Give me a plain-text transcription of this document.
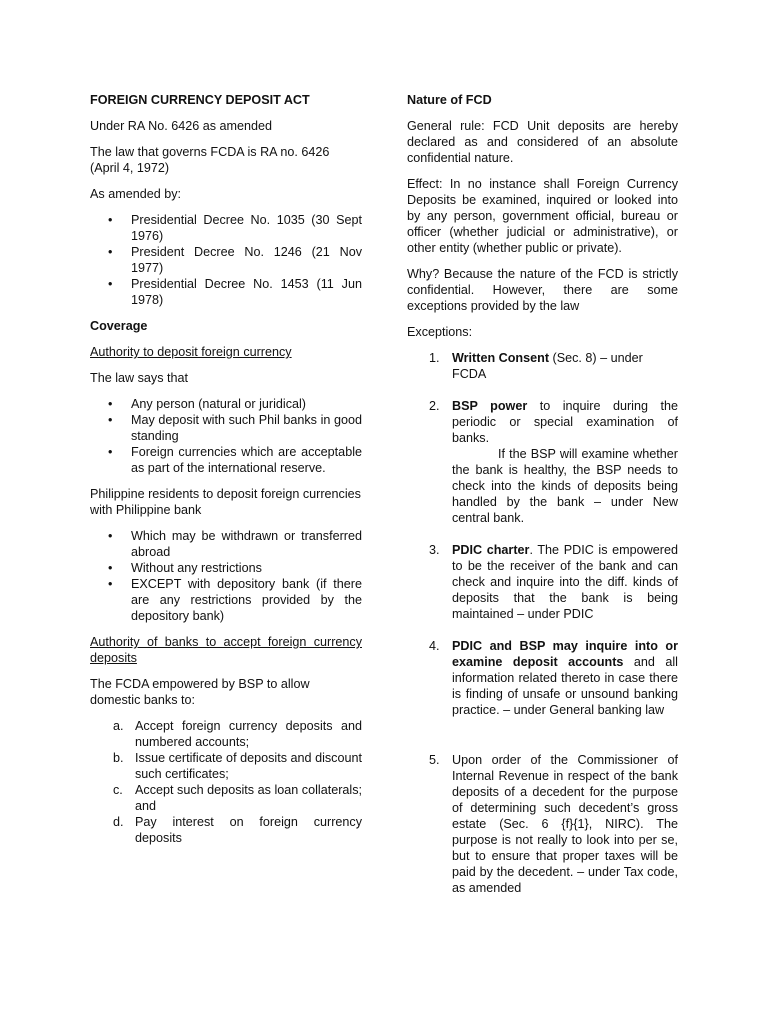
FOREIGN CURRENCY DEPOSIT ACT

Under RA No. 6426 as amended

The law that governs FCDA is RA no. 6426 (April 4, 1972)

As amended by:

• Presidential Decree No. 1035 (30 Sept 1976)
• President Decree No. 1246 (21 Nov 1977)
• Presidential Decree No. 1453 (11 Jun 1978)

Coverage

Authority to deposit foreign currency

The law says that

• Any person (natural or juridical)
• May deposit with such Phil banks in good standing
• Foreign currencies which are acceptable as part of the international reserve.

Philippine residents to deposit foreign currencies with Philippine bank

• Which may be withdrawn or transferred abroad
• Without any restrictions
• EXCEPT with depository bank (if there are any restrictions provided by the depository bank)

Authority of banks to accept foreign currency deposits

The FCDA empowered by BSP to allow domestic banks to:

a. Accept foreign currency deposits and numbered accounts;
b. Issue certificate of deposits and discount such certificates;
c. Accept such deposits as loan collaterals; and
d. Pay interest on foreign currency deposits

Nature of FCD

General rule: FCD Unit deposits are hereby declared as and considered of an absolute confidential nature.

Effect: In no instance shall Foreign Currency Deposits be examined, inquired or looked into by any person, government official, bureau or officer (whether judicial or administrative), or other entity (whether public or private).

Why? Because the nature of the FCD is strictly confidential. However, there are some exceptions provided by the law

Exceptions:

1. Written Consent (Sec. 8) – under FCDA
2. BSP power to inquire during the periodic or special examination of banks.
If the BSP will examine whether the bank is healthy, the BSP needs to check into the kinds of deposits being handled by the bank – under New central bank.
3. PDIC charter. The PDIC is empowered to be the receiver of the bank and can check and inquire into the diff. kinds of deposits that the bank is being maintained – under PDIC
4. PDIC and BSP may inquire into or examine deposit accounts and all information related thereto in case there is finding of unsafe or unsound banking practice. – under General banking law
5. Upon order of the Commissioner of Internal Revenue in respect of the bank deposits of a decedent for the purpose of determining such decedent’s gross estate (Sec. 6 {f}{1}, NIRC). The purpose is not really to look into per se, but to ensure that proper taxes will be paid by the decedent. – under Tax code, as amended
